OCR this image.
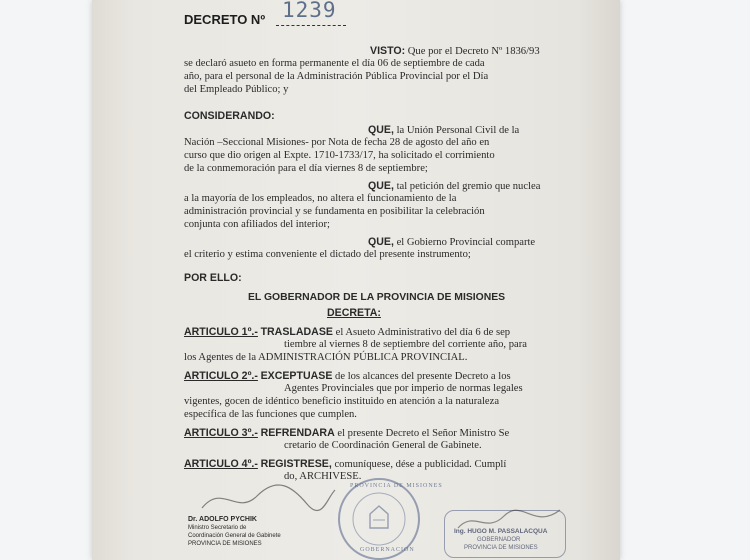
DECRETO Nº 1239
VISTO: Que por el Decreto Nº 1836/93
se declaró asueto en forma permanente el día 06 de septiembre de cada
año, para el personal de la Administración Pública Provincial por el Día
del Empleado Público; y
CONSIDERANDO:
QUE, la Unión Personal Civil de la
Nación –Seccional Misiones- por Nota de fecha 28 de agosto del año en
curso que dio origen al Expte. 1710-1733/17, ha solicitado el corrimiento
de la conmemoración para el día viernes 8 de septiembre;
QUE, tal petición del gremio que nuclea
a la mayoría de los empleados, no altera el funcionamiento de la
administración provincial y se fundamenta en posibilitar la celebración
conjunta con afiliados del interior;
QUE, el Gobierno Provincial comparte
el criterio y estima conveniente el dictado del presente instrumento;
POR ELLO:
EL GOBERNADOR DE LA PROVINCIA DE MISIONES
DECRETA:
ARTICULO 1º.- TRASLADASE el Asueto Administrativo del día 6 de sep
tiembre al viernes 8 de septiembre del corriente año, para
los Agentes de la ADMINISTRACIÓN PÚBLICA PROVINCIAL.
ARTICULO 2º.- EXCEPTUASE de los alcances del presente Decreto a los
Agentes Provinciales que por imperio de normas legales
vigentes, gocen de idéntico beneficio instituido en atención a la naturaleza
específica de las funciones que cumplen.
ARTICULO 3º.- REFRENDARA el presente Decreto el Señor Ministro Se
cretario de Coordinación General de Gabinete.
ARTICULO 4º.- REGISTRESE, comuníquese, dése a publicidad. Cumplí
do, ARCHIVESE.
PROVINCIA DE MISIONES
GOBERNACION
Dr. ADOLFO PYCHIK
Ministro Secretario de
Coordinación General de Gabinete
PROVINCIA DE MISIONES
Ing. HUGO M. PASSALACQUA
GOBERNADOR
PROVINCIA DE MISIONES
